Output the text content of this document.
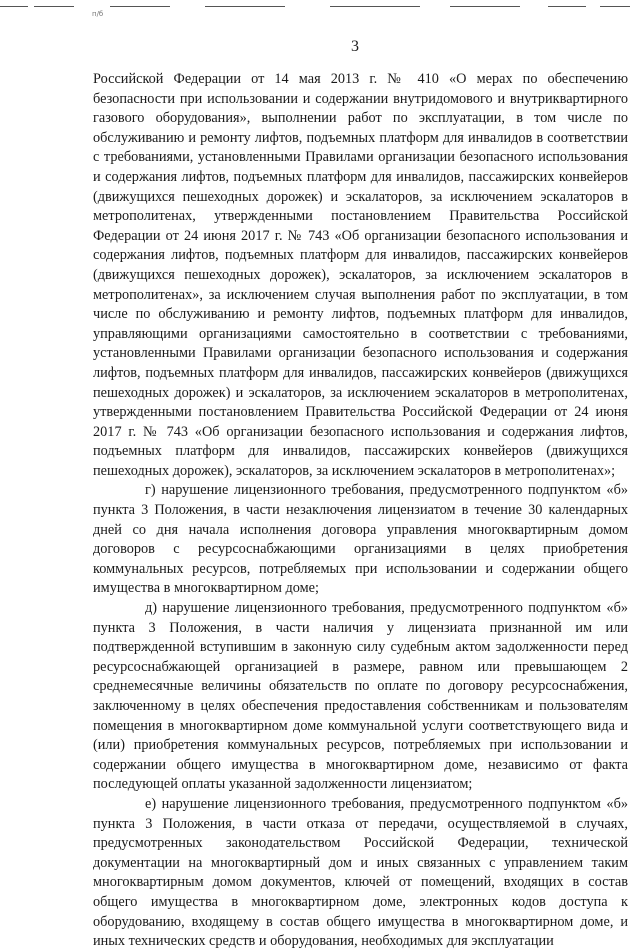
п/б
3

Российской Федерации от 14 мая 2013 г. № 410 «О мерах по обеспечению безопасности при использовании и содержании внутридомового и внутриквартирного газового оборудования», выполнении работ по эксплуатации, в том числе по обслуживанию и ремонту лифтов, подъемных платформ для инвалидов в соответствии с требованиями, установленными Правилами организации безопасного использования и содержания лифтов, подъемных платформ для инвалидов, пассажирских конвейеров (движущихся пешеходных дорожек) и эскалаторов, за исключением эскалаторов в метрополитенах, утвержденными постановлением Правительства Российской Федерации от 24 июня 2017 г. № 743 «Об организации безопасного использования и содержания лифтов, подъемных платформ для инвалидов, пассажирских конвейеров (движущихся пешеходных дорожек), эскалаторов, за исключением эскалаторов в метрополитенах», за исключением случая выполнения работ по эксплуатации, в том числе по обслуживанию и ремонту лифтов, подъемных платформ для инвалидов, управляющими организациями самостоятельно в соответствии с требованиями, установленными Правилами организации безопасного использования и содержания лифтов, подъемных платформ для инвалидов, пассажирских конвейеров (движущихся пешеходных дорожек) и эскалаторов, за исключением эскалаторов в метрополитенах, утвержденными постановлением Правительства Российской Федерации от 24 июня 2017 г. № 743 «Об организации безопасного использования и содержания лифтов, подъемных платформ для инвалидов, пассажирских конвейеров (движущихся пешеходных дорожек), эскалаторов, за исключением эскалаторов в метрополитенах»;

г) нарушение лицензионного требования, предусмотренного подпунктом «б» пункта 3 Положения, в части незаключения лицензиатом в течение 30 календарных дней со дня начала исполнения договора управления многоквартирным домом договоров с ресурсоснабжающими организациями в целях приобретения коммунальных ресурсов, потребляемых при использовании и содержании общего имущества в многоквартирном доме;

д) нарушение лицензионного требования, предусмотренного подпунктом «б» пункта 3 Положения, в части наличия у лицензиата признанной им или подтвержденной вступившим в законную силу судебным актом задолженности перед ресурсоснабжающей организацией в размере, равном или превышающем 2 среднемесячные величины обязательств по оплате по договору ресурсоснабжения, заключенному в целях обеспечения предоставления собственникам и пользователям помещения в многоквартирном доме коммунальной услуги соответствующего вида и (или) приобретения коммунальных ресурсов, потребляемых при использовании и содержании общего имущества в многоквартирном доме, независимо от факта последующей оплаты указанной задолженности лицензиатом;

е) нарушение лицензионного требования, предусмотренного подпунктом «б» пункта 3 Положения, в части отказа от передачи, осуществляемой в случаях, предусмотренных законодательством Российской Федерации, технической документации на многоквартирный дом и иных связанных с управлением таким многоквартирным домом документов, ключей от помещений, входящих в состав общего имущества в многоквартирном доме, электронных кодов доступа к оборудованию, входящему в состав общего имущества в многоквартирном доме, и иных технических средств и оборудования, необходимых для эксплуатации
